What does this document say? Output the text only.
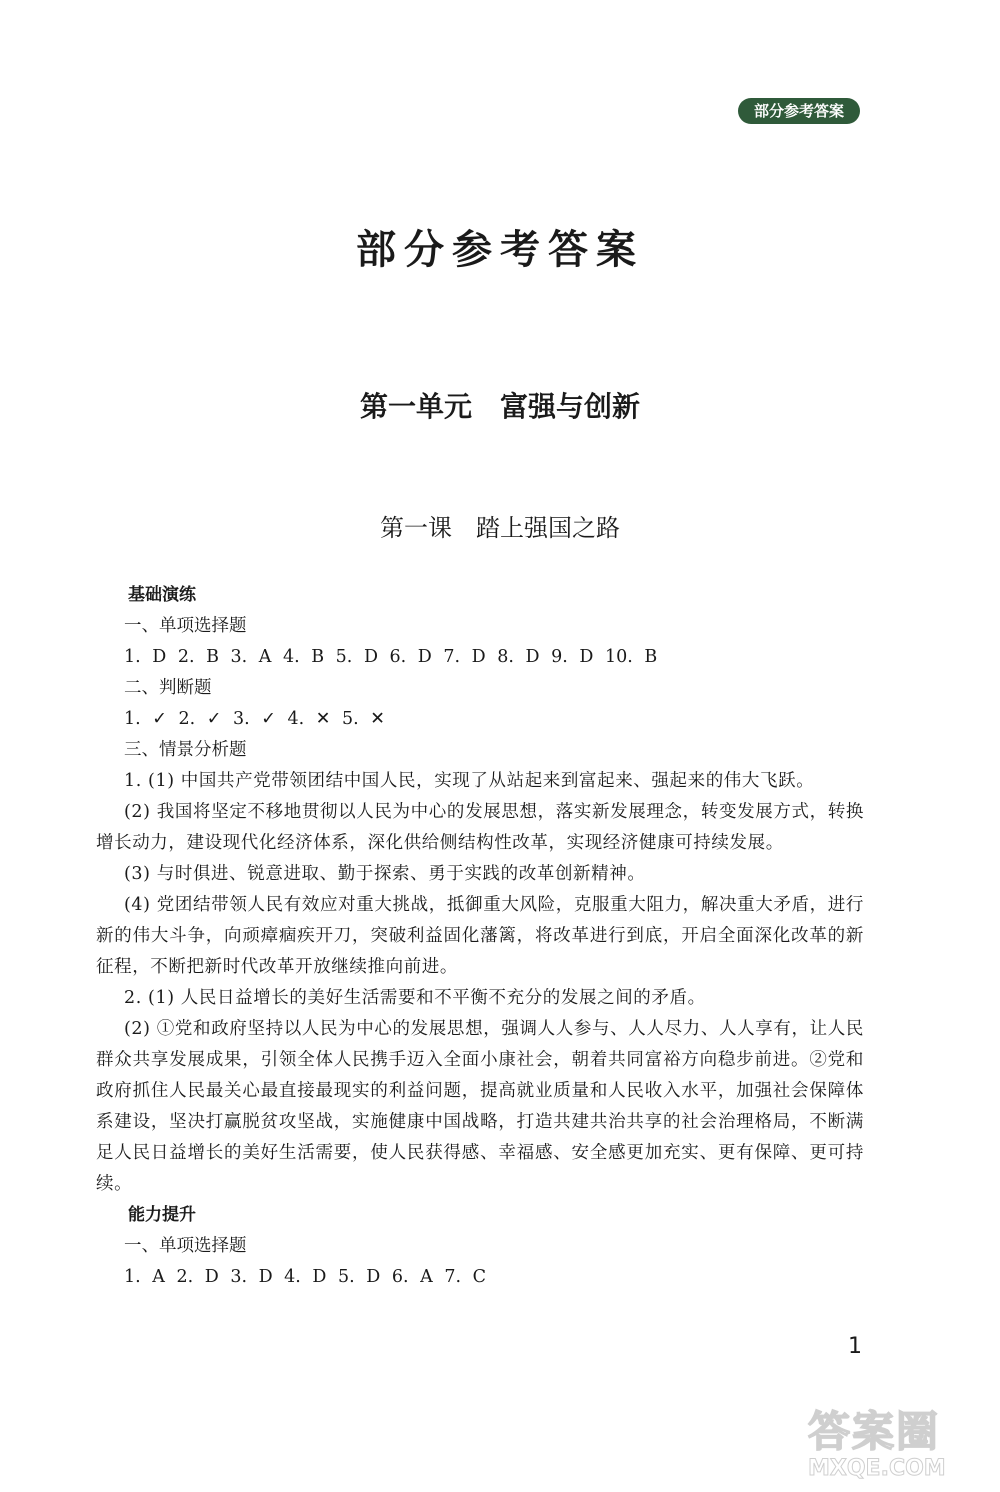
部分参考答案
部分参考答案
第一单元　富强与创新
第一课　踏上强国之路

基础演练

一、单项选择题

1. D 2. B 3. A 4. B 5. D 6. D 7. D 8. D 9. D 10. B

二、判断题

1. ✓ 2. ✓ 3. ✓ 4. ✕ 5. ✕

三、情景分析题

1. (1) 中国共产党带领团结中国人民，实现了从站起来到富起来、强起来的伟大飞跃。

(2) 我国将坚定不移地贯彻以人民为中心的发展思想，落实新发展理念，转变发展方式，转换增长动力，建设现代化经济体系，深化供给侧结构性改革，实现经济健康可持续发展。

(3) 与时俱进、锐意进取、勤于探索、勇于实践的改革创新精神。

(4) 党团结带领人民有效应对重大挑战，抵御重大风险，克服重大阻力，解决重大矛盾，进行新的伟大斗争，向顽瘴痼疾开刀，突破利益固化藩篱，将改革进行到底，开启全面深化改革的新征程，不断把新时代改革开放继续推向前进。

2. (1) 人民日益增长的美好生活需要和不平衡不充分的发展之间的矛盾。

(2) ①党和政府坚持以人民为中心的发展思想，强调人人参与、人人尽力、人人享有，让人民群众共享发展成果，引领全体人民携手迈入全面小康社会，朝着共同富裕方向稳步前进。②党和政府抓住人民最关心最直接最现实的利益问题，提高就业质量和人民收入水平，加强社会保障体系建设，坚决打赢脱贫攻坚战，实施健康中国战略，打造共建共治共享的社会治理格局，不断满足人民日益增长的美好生活需要，使人民获得感、幸福感、安全感更加充实、更有保障、更可持续。

能力提升

一、单项选择题

1. A 2. D 3. D 4. D 5. D 6. A 7. C

1
答案圈
MXQE.COM
